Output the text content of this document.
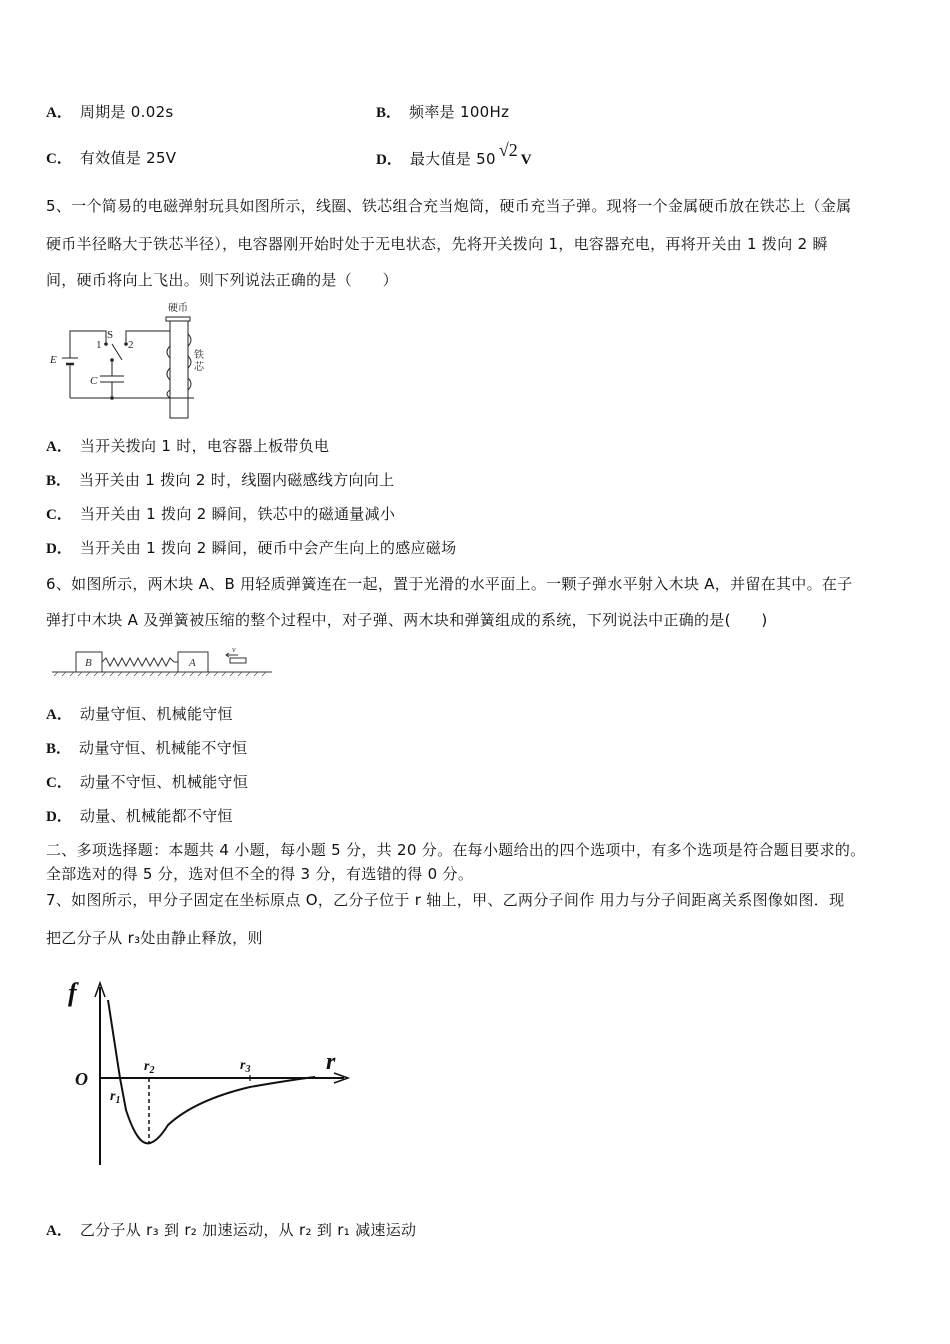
A． 周期是 0.02s	B． 频率是 100Hz
C． 有效值是 25V	D． 最大值是 50 √2 V
5、一个简易的电磁弹射玩具如图所示，线圈、铁芯组合充当炮筒，硬币充当子弹。现将一个金属硬币放在铁芯上（金属
硬币半径略大于铁芯半径），电容器刚开始时处于无电状态，先将开关拨向 1，电容器充电，再将开关由 1 拨向 2 瞬
间，硬币将向上飞出。则下列说法正确的是（　　）
硬币
铁
芯
S
1 2
E
C
A． 当开关拨向 1 时，电容器上板带负电
B． 当开关由 1 拨向 2 时，线圈内磁感线方向向上
C． 当开关由 1 拨向 2 瞬间，铁芯中的磁通量减小
D． 当开关由 1 拨向 2 瞬间，硬币中会产生向上的感应磁场
6、如图所示，两木块 A、B 用轻质弹簧连在一起，置于光滑的水平面上。一颗子弹水平射入木块 A，并留在其中。在子
弹打中木块 A 及弹簧被压缩的整个过程中，对子弹、两木块和弹簧组成的系统，下列说法中正确的是(　　)
B	A
v
A． 动量守恒、机械能守恒
B． 动量守恒、机械能不守恒
C． 动量不守恒、机械能守恒
D． 动量、机械能都不守恒
二、多项选择题：本题共 4 小题，每小题 5 分，共 20 分。在每小题给出的四个选项中，有多个选项是符合题目要求的。
全部选对的得 5 分，选对但不全的得 3 分，有选错的得 0 分。
7、如图所示，甲分子固定在坐标原点 O，乙分子位于 r 轴上，甲、乙两分子间作 用力与分子间距离关系图像如图．现
把乙分子从 r₃处由静止释放，则
f
r
O
$r_1$
$r_2$	$r_3$
A． 乙分子从 r₃ 到 r₂ 加速运动，从 r₂ 到 r₁ 减速运动
